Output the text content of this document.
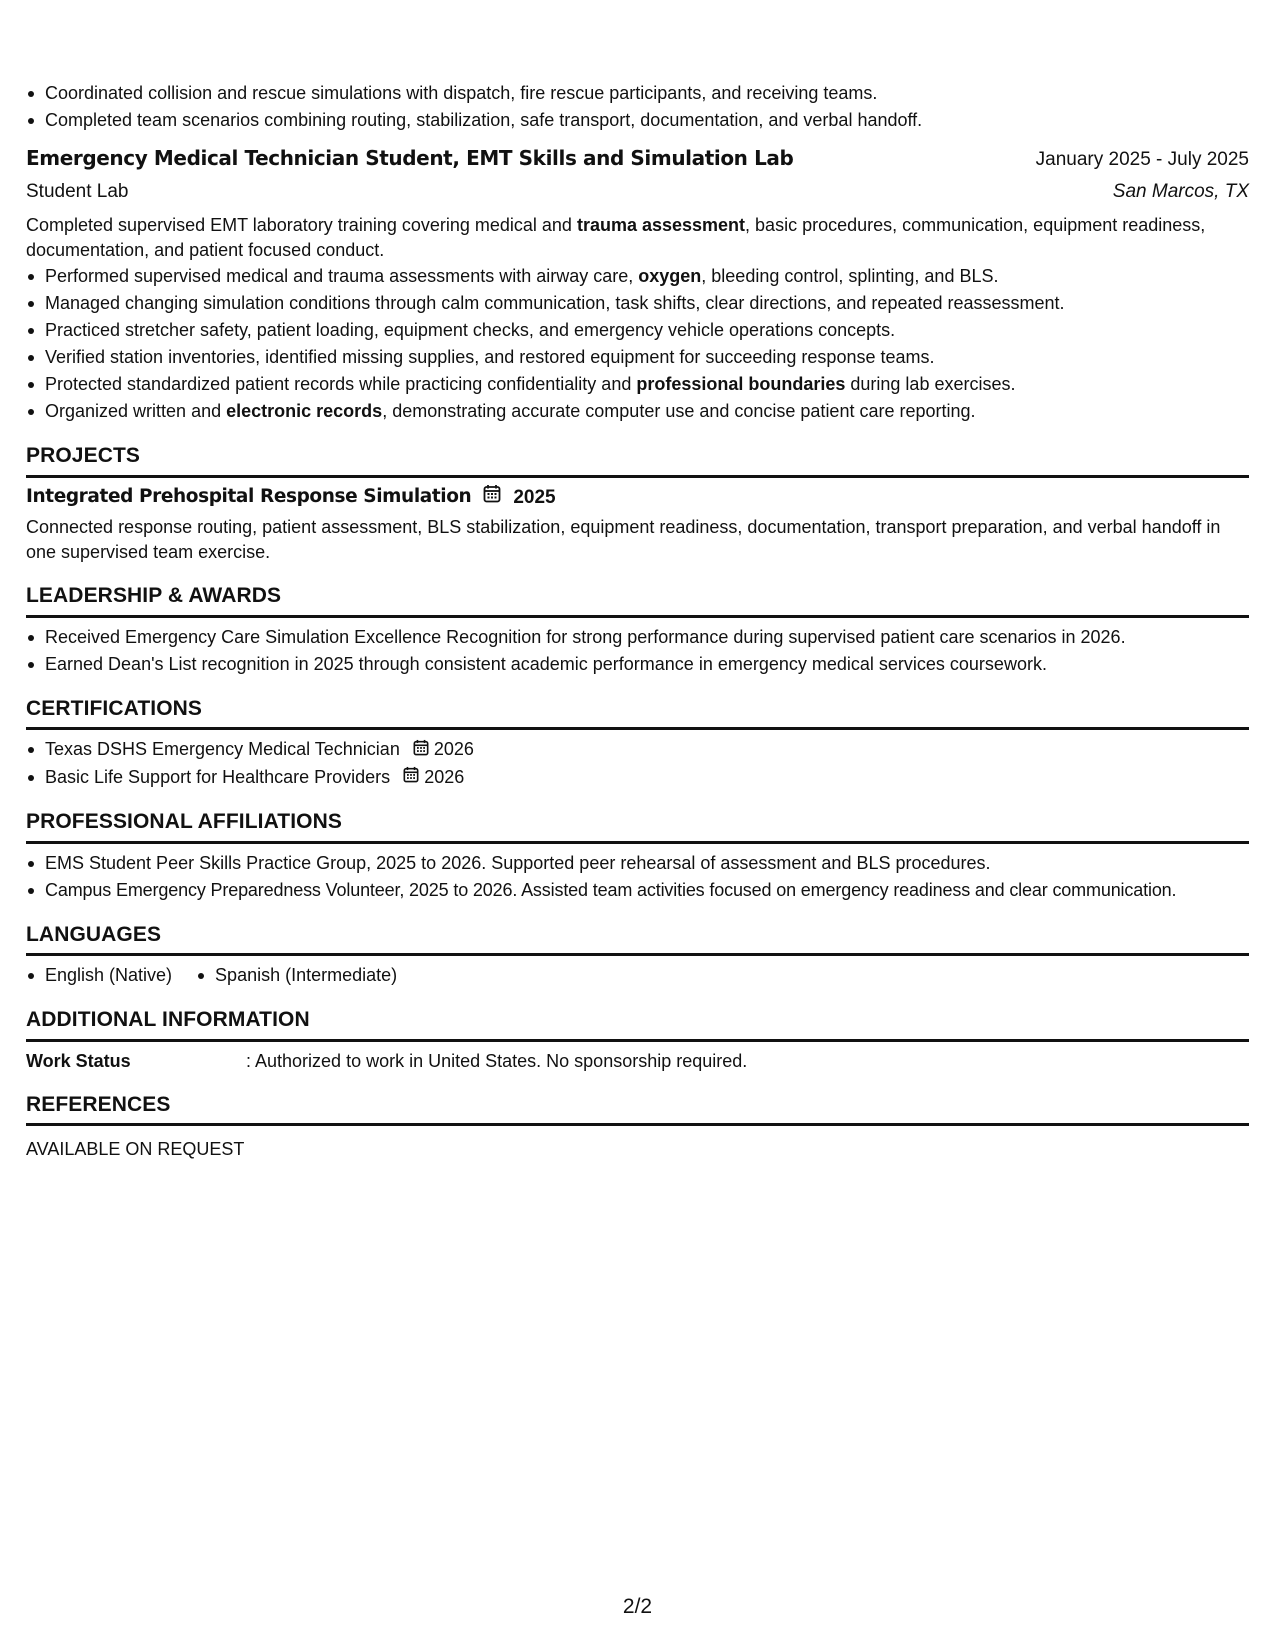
Coordinated collision and rescue simulations with dispatch, fire rescue participants, and receiving teams.
Completed team scenarios combining routing, stabilization, safe transport, documentation, and verbal handoff.
Emergency Medical Technician Student, EMT Skills and Simulation Lab	January 2025 - July 2025
Student Lab	San Marcos, TX

Completed supervised EMT laboratory training covering medical and trauma assessment, basic procedures, communication, equipment readiness, documentation, and patient focused conduct.

Performed supervised medical and trauma assessments with airway care, oxygen, bleeding control, splinting, and BLS.
Managed changing simulation conditions through calm communication, task shifts, clear directions, and repeated reassessment.
Practiced stretcher safety, patient loading, equipment checks, and emergency vehicle operations concepts.
Verified station inventories, identified missing supplies, and restored equipment for succeeding response teams.
Protected standardized patient records while practicing confidentiality and professional boundaries during lab exercises.
Organized written and electronic records, demonstrating accurate computer use and concise patient care reporting.
PROJECTS
Integrated Prehospital Response Simulation 2025

Connected response routing, patient assessment, BLS stabilization, equipment readiness, documentation, transport preparation, and verbal handoff in one supervised team exercise.

LEADERSHIP & AWARDS
Received Emergency Care Simulation Excellence Recognition for strong performance during supervised patient care scenarios in 2026.
Earned Dean's List recognition in 2025 through consistent academic performance in emergency medical services coursework.
CERTIFICATIONS
Texas DSHS Emergency Medical Technician 2026
Basic Life Support for Healthcare Providers 2026
PROFESSIONAL AFFILIATIONS
EMS Student Peer Skills Practice Group, 2025 to 2026. Supported peer rehearsal of assessment and BLS procedures.
Campus Emergency Preparedness Volunteer, 2025 to 2026. Assisted team activities focused on emergency readiness and clear communication.
LANGUAGES
English (Native)	Spanish (Intermediate)
ADDITIONAL INFORMATION
Work Status	: Authorized to work in United States. No sponsorship required.
REFERENCES
AVAILABLE ON REQUEST
2/2
